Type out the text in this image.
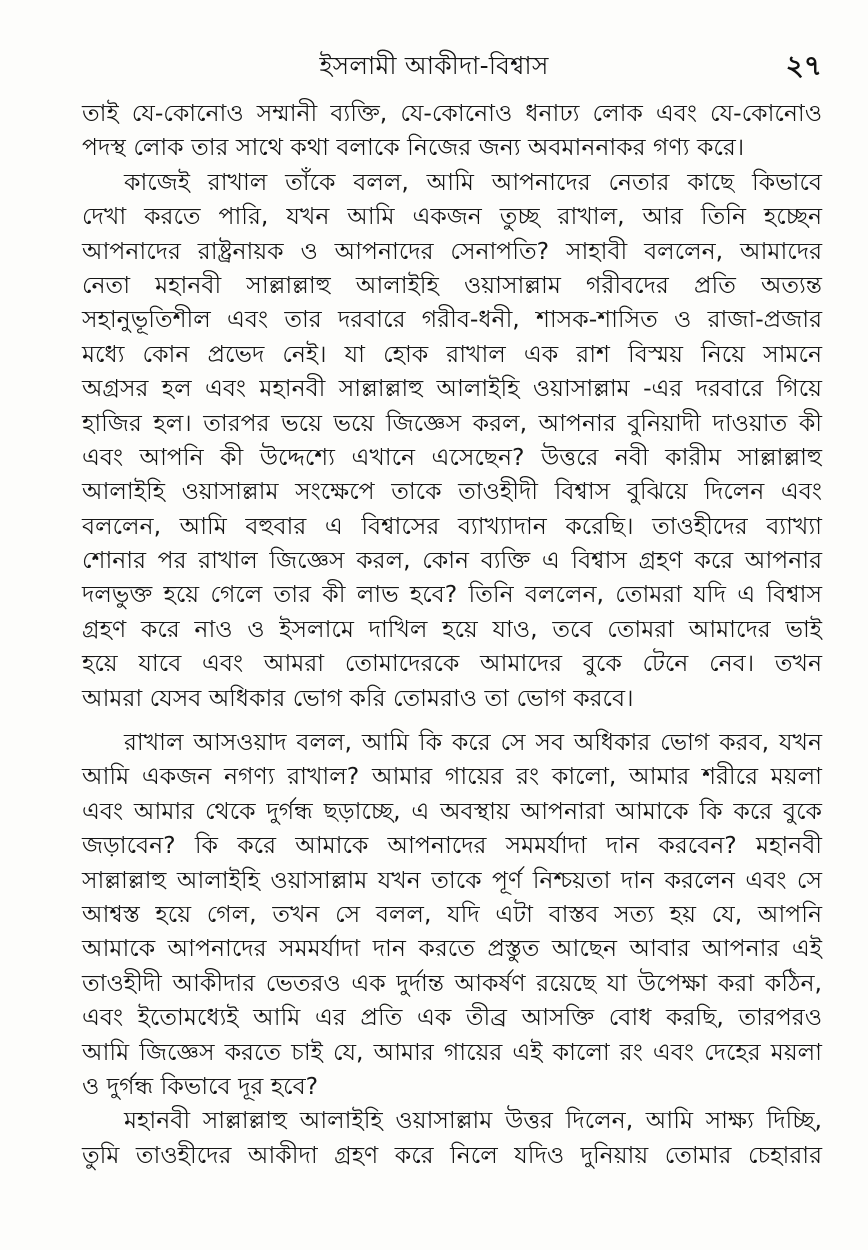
ইসলামী আকীদা-বিশ্বাস	২৭
তাই যে-কোনোও সম্মানী ব্যক্তি, যে-কোনোও ধনাঢ্য লোক এবং যে-কোনোও
পদস্থ লোক তার সাথে কথা বলাকে নিজের জন্য অবমাননাকর গণ্য করে।
কাজেই রাখাল তাঁকে বলল, আমি আপনাদের নেতার কাছে কিভাবে
দেখা করতে পারি, যখন আমি একজন তুচ্ছ রাখাল, আর তিনি হচ্ছেন
আপনাদের রাষ্ট্রনায়ক ও আপনাদের সেনাপতি? সাহাবী বললেন, আমাদের
নেতা মহানবী সাল্লাল্লাহু আলাইহি ওয়াসাল্লাম গরীবদের প্রতি অত্যন্ত
সহানুভূতিশীল এবং তার দরবারে গরীব-ধনী, শাসক-শাসিত ও রাজা-প্রজার
মধ্যে কোন প্রভেদ নেই। যা হোক রাখাল এক রাশ বিস্ময় নিয়ে সামনে
অগ্রসর হল এবং মহানবী সাল্লাল্লাহু আলাইহি ওয়াসাল্লাম -এর দরবারে গিয়ে
হাজির হল। তারপর ভয়ে ভয়ে জিজ্ঞেস করল, আপনার বুনিয়াদী দাওয়াত কী
এবং আপনি কী উদ্দেশ্যে এখানে এসেছেন? উত্তরে নবী কারীম সাল্লাল্লাহু
আলাইহি ওয়াসাল্লাম সংক্ষেপে তাকে তাওহীদী বিশ্বাস বুঝিয়ে দিলেন এবং
বললেন, আমি বহুবার এ বিশ্বাসের ব্যাখ্যাদান করেছি। তাওহীদের ব্যাখ্যা
শোনার পর রাখাল জিজ্ঞেস করল, কোন ব্যক্তি এ বিশ্বাস গ্রহণ করে আপনার
দলভুক্ত হয়ে গেলে তার কী লাভ হবে? তিনি বললেন, তোমরা যদি এ বিশ্বাস
গ্রহণ করে নাও ও ইসলামে দাখিল হয়ে যাও, তবে তোমরা আমাদের ভাই
হয়ে যাবে এবং আমরা তোমাদেরকে আমাদের বুকে টেনে নেব। তখন
আমরা যেসব অধিকার ভোগ করি তোমরাও তা ভোগ করবে।
রাখাল আসওয়াদ বলল, আমি কি করে সে সব অধিকার ভোগ করব, যখন
আমি একজন নগণ্য রাখাল? আমার গায়ের রং কালো, আমার শরীরে ময়লা
এবং আমার থেকে দুর্গন্ধ ছড়াচ্ছে, এ অবস্থায় আপনারা আমাকে কি করে বুকে
জড়াবেন? কি করে আমাকে আপনাদের সমমর্যাদা দান করবেন? মহানবী
সাল্লাল্লাহু আলাইহি ওয়াসাল্লাম যখন তাকে পূর্ণ নিশ্চয়তা দান করলেন এবং সে
আশ্বস্ত হয়ে গেল, তখন সে বলল, যদি এটা বাস্তব সত্য হয় যে, আপনি
আমাকে আপনাদের সমমর্যাদা দান করতে প্রস্তুত আছেন আবার আপনার এই
তাওহীদী আকীদার ভেতরও এক দুর্দান্ত আকর্ষণ রয়েছে যা উপেক্ষা করা কঠিন,
এবং ইতোমধ্যেই আমি এর প্রতি এক তীব্র আসক্তি বোধ করছি, তারপরও
আমি জিজ্ঞেস করতে চাই যে, আমার গায়ের এই কালো রং এবং দেহের ময়লা
ও দুর্গন্ধ কিভাবে দূর হবে?
মহানবী সাল্লাল্লাহু আলাইহি ওয়াসাল্লাম উত্তর দিলেন, আমি সাক্ষ্য দিচ্ছি,
তুমি তাওহীদের আকীদা গ্রহণ করে নিলে যদিও দুনিয়ায় তোমার চেহারার
